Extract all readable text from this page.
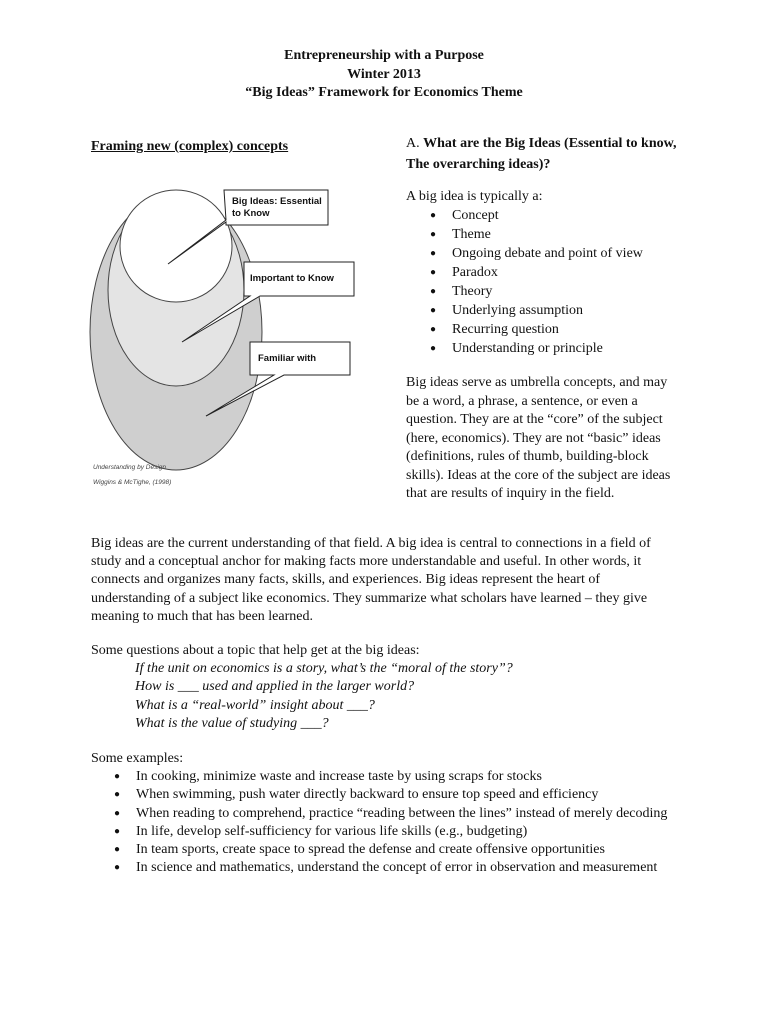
Entrepreneurship with a Purpose
Winter 2013
“Big Ideas” Framework for Economics Theme
Framing new (complex) concepts
Big Ideas: Essential
to Know
Important to Know
Familiar with
Understanding by Design
Wiggins & McTighe, (1998)
A. What are the Big Ideas (Essential to know, The overarching ideas)?
A big idea is typically a:
● Concept
● Theme
● Ongoing debate and point of view
● Paradox
● Theory
● Underlying assumption
● Recurring question
● Understanding or principle
Big ideas serve as umbrella concepts, and may be a word, a phrase, a sentence, or even a question. They are at the “core” of the subject (here, economics). They are not “basic” ideas (definitions, rules of thumb, building-block skills). Ideas at the core of the subject are ideas that are results of inquiry in the field.
Big ideas are the current understanding of that field. A big idea is central to connections in a field of study and a conceptual anchor for making facts more understandable and useful. In other words, it connects and organizes many facts, skills, and experiences. Big ideas represent the heart of understanding of a subject like economics. They summarize what scholars have learned – they give meaning to much that has been learned.
Some questions about a topic that help get at the big ideas:
If the unit on economics is a story, what’s the “moral of the story”?
How is ___ used and applied in the larger world?
What is a “real-world” insight about ___?
What is the value of studying ___?
Some examples:
● In cooking, minimize waste and increase taste by using scraps for stocks
● When swimming, push water directly backward to ensure top speed and efficiency
● When reading to comprehend, practice “reading between the lines” instead of merely decoding
● In life, develop self-sufficiency for various life skills (e.g., budgeting)
● In team sports, create space to spread the defense and create offensive opportunities
● In science and mathematics, understand the concept of error in observation and measurement
